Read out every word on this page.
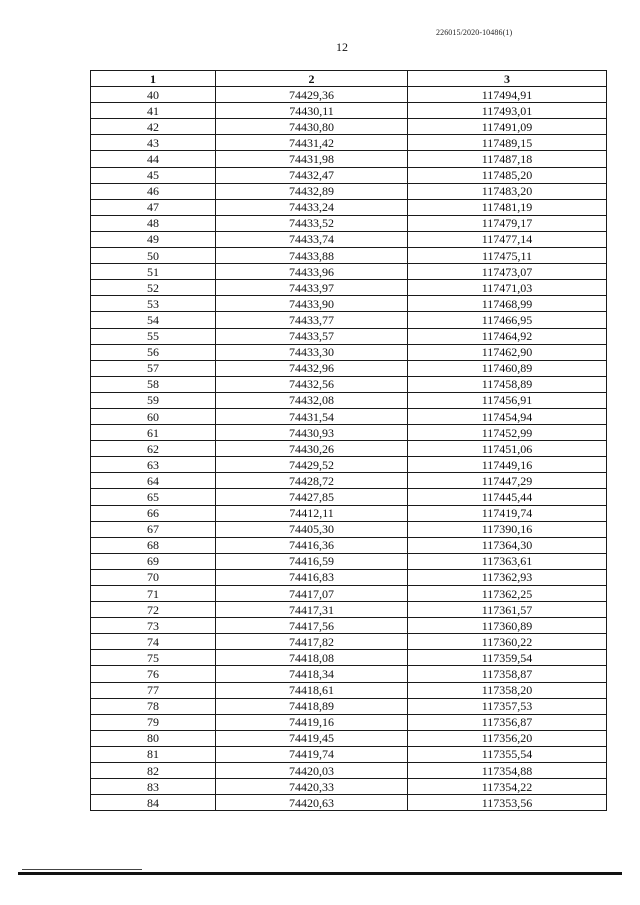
226015/2020-10486(1)
12
1	2	3
40	74429,36	117494,91
41	74430,11	117493,01
42	74430,80	117491,09
43	74431,42	117489,15
44	74431,98	117487,18
45	74432,47	117485,20
46	74432,89	117483,20
47	74433,24	117481,19
48	74433,52	117479,17
49	74433,74	117477,14
50	74433,88	117475,11
51	74433,96	117473,07
52	74433,97	117471,03
53	74433,90	117468,99
54	74433,77	117466,95
55	74433,57	117464,92
56	74433,30	117462,90
57	74432,96	117460,89
58	74432,56	117458,89
59	74432,08	117456,91
60	74431,54	117454,94
61	74430,93	117452,99
62	74430,26	117451,06
63	74429,52	117449,16
64	74428,72	117447,29
65	74427,85	117445,44
66	74412,11	117419,74
67	74405,30	117390,16
68	74416,36	117364,30
69	74416,59	117363,61
70	74416,83	117362,93
71	74417,07	117362,25
72	74417,31	117361,57
73	74417,56	117360,89
74	74417,82	117360,22
75	74418,08	117359,54
76	74418,34	117358,87
77	74418,61	117358,20
78	74418,89	117357,53
79	74419,16	117356,87
80	74419,45	117356,20
81	74419,74	117355,54
82	74420,03	117354,88
83	74420,33	117354,22
84	74420,63	117353,56
